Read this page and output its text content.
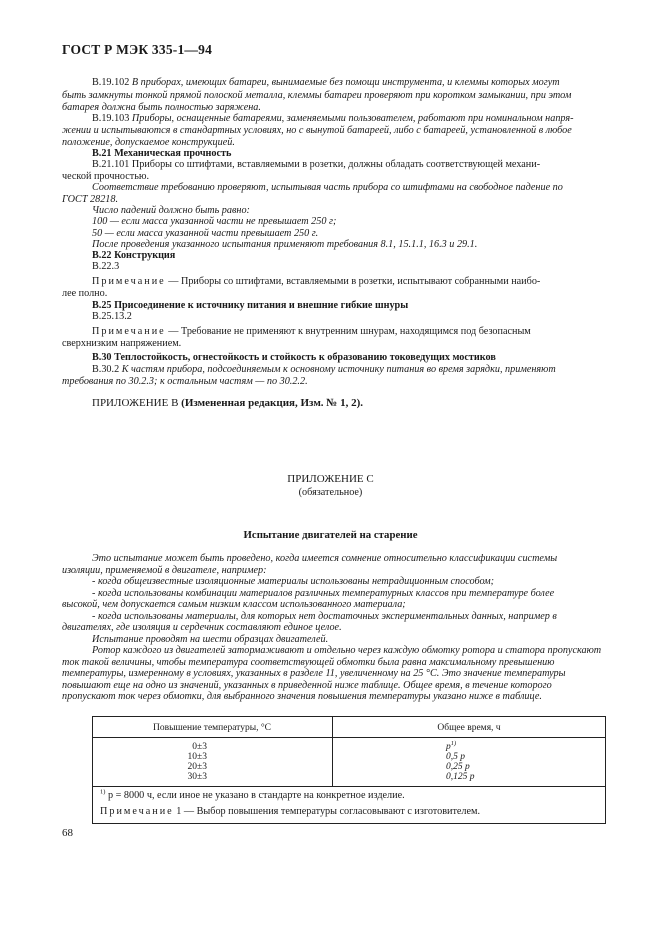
ГОСТ Р МЭК 335-1—94
В.19.102 В приборах, имеющих батареи, вынимаемые без помощи инструмента, и клеммы которых могут
быть замкнуты тонкой прямой полоской металла, клеммы батареи проверяют при коротком замыкании, при этом
батарея должна быть полностью заряжена.
В.19.103 Приборы, оснащенные батареями, заменяемыми пользователем, работают при номинальном напря-
жении и испытываются в стандартных условиях, но с вынутой батареей, либо с батареей, установленной в любое
положение, допускаемое конструкцией.
В.21 Механическая прочность
В.21.101 Приборы со штифтами, вставляемыми в розетки, должны обладать соответствующей механи-
ческой прочностью.
Соответствие требованию проверяют, испытывая часть прибора со штифтами на свободное падение по
ГОСТ 28218.
Число падений должно быть равно:
100 — если масса указанной части не превышает 250 г;
50 — если масса указанной части превышает 250 г.
После проведения указанного испытания применяют требования 8.1, 15.1.1, 16.3 и 29.1.
В.22 Конструкция
В.22.3
Примечание — Приборы со штифтами, вставляемыми в розетки, испытывают собранными наибо-
лее полно.
В.25 Присоединение к источнику питания и внешние гибкие шнуры
В.25.13.2
Примечание — Требование не применяют к внутренним шнурам, находящимся под безопасным
сверхнизким напряжением.
В.30 Теплостойкость, огнестойкость и стойкость к образованию токоведущих мостиков
В.30.2 К частям прибора, подсоединяемым к основному источнику питания во время зарядки, применяют
требования по 30.2.3; к остальным частям — по 30.2.2.
ПРИЛОЖЕНИЕ В (Измененная редакция, Изм. № 1, 2).
ПРИЛОЖЕНИЕ С
(обязательное)
Испытание двигателей на старение
Это испытание может быть проведено, когда имеется сомнение относительно классификации системы
изоляции, применяемой в двигателе, например:
- когда общеизвестные изоляционные материалы использованы нетрадиционным способом;
- когда использованы комбинации материалов различных температурных классов при температуре более
высокой, чем допускается самым низким классом использованного материала;
- когда использованы материалы, для которых нет достаточных экспериментальных данных, например в
двигателях, где изоляция и сердечник составляют единое целое.
Испытание проводят на шести образцах двигателей.
Ротор каждого из двигателей затормаживают и отдельно через каждую обмотку ротора и статора пропускают
ток такой величины, чтобы температура соответствующей обмотки была равна максимальному превышению
температуры, измеренному в условиях, указанных в разделе 11, увеличенному на 25 °С. Это значение температуры
повышают еще на одно из значений, указанных в приведенной ниже таблице. Общее время, в течение которого
пропускают ток через обмотки, для выбранного значения повышения температуры указано ниже в таблице.
Повышение температуры, °С	Общее время, ч
0±3	$p^{1)}$
10±3	0,5 p
20±3	0,25 p
30±3	0,125 p
$^{1)}$ p = 8000 ч, если иное не указано в стандарте на конкретное изделие.
Примечание 1 — Выбор повышения температуры согласовывают с изготовителем.
68
